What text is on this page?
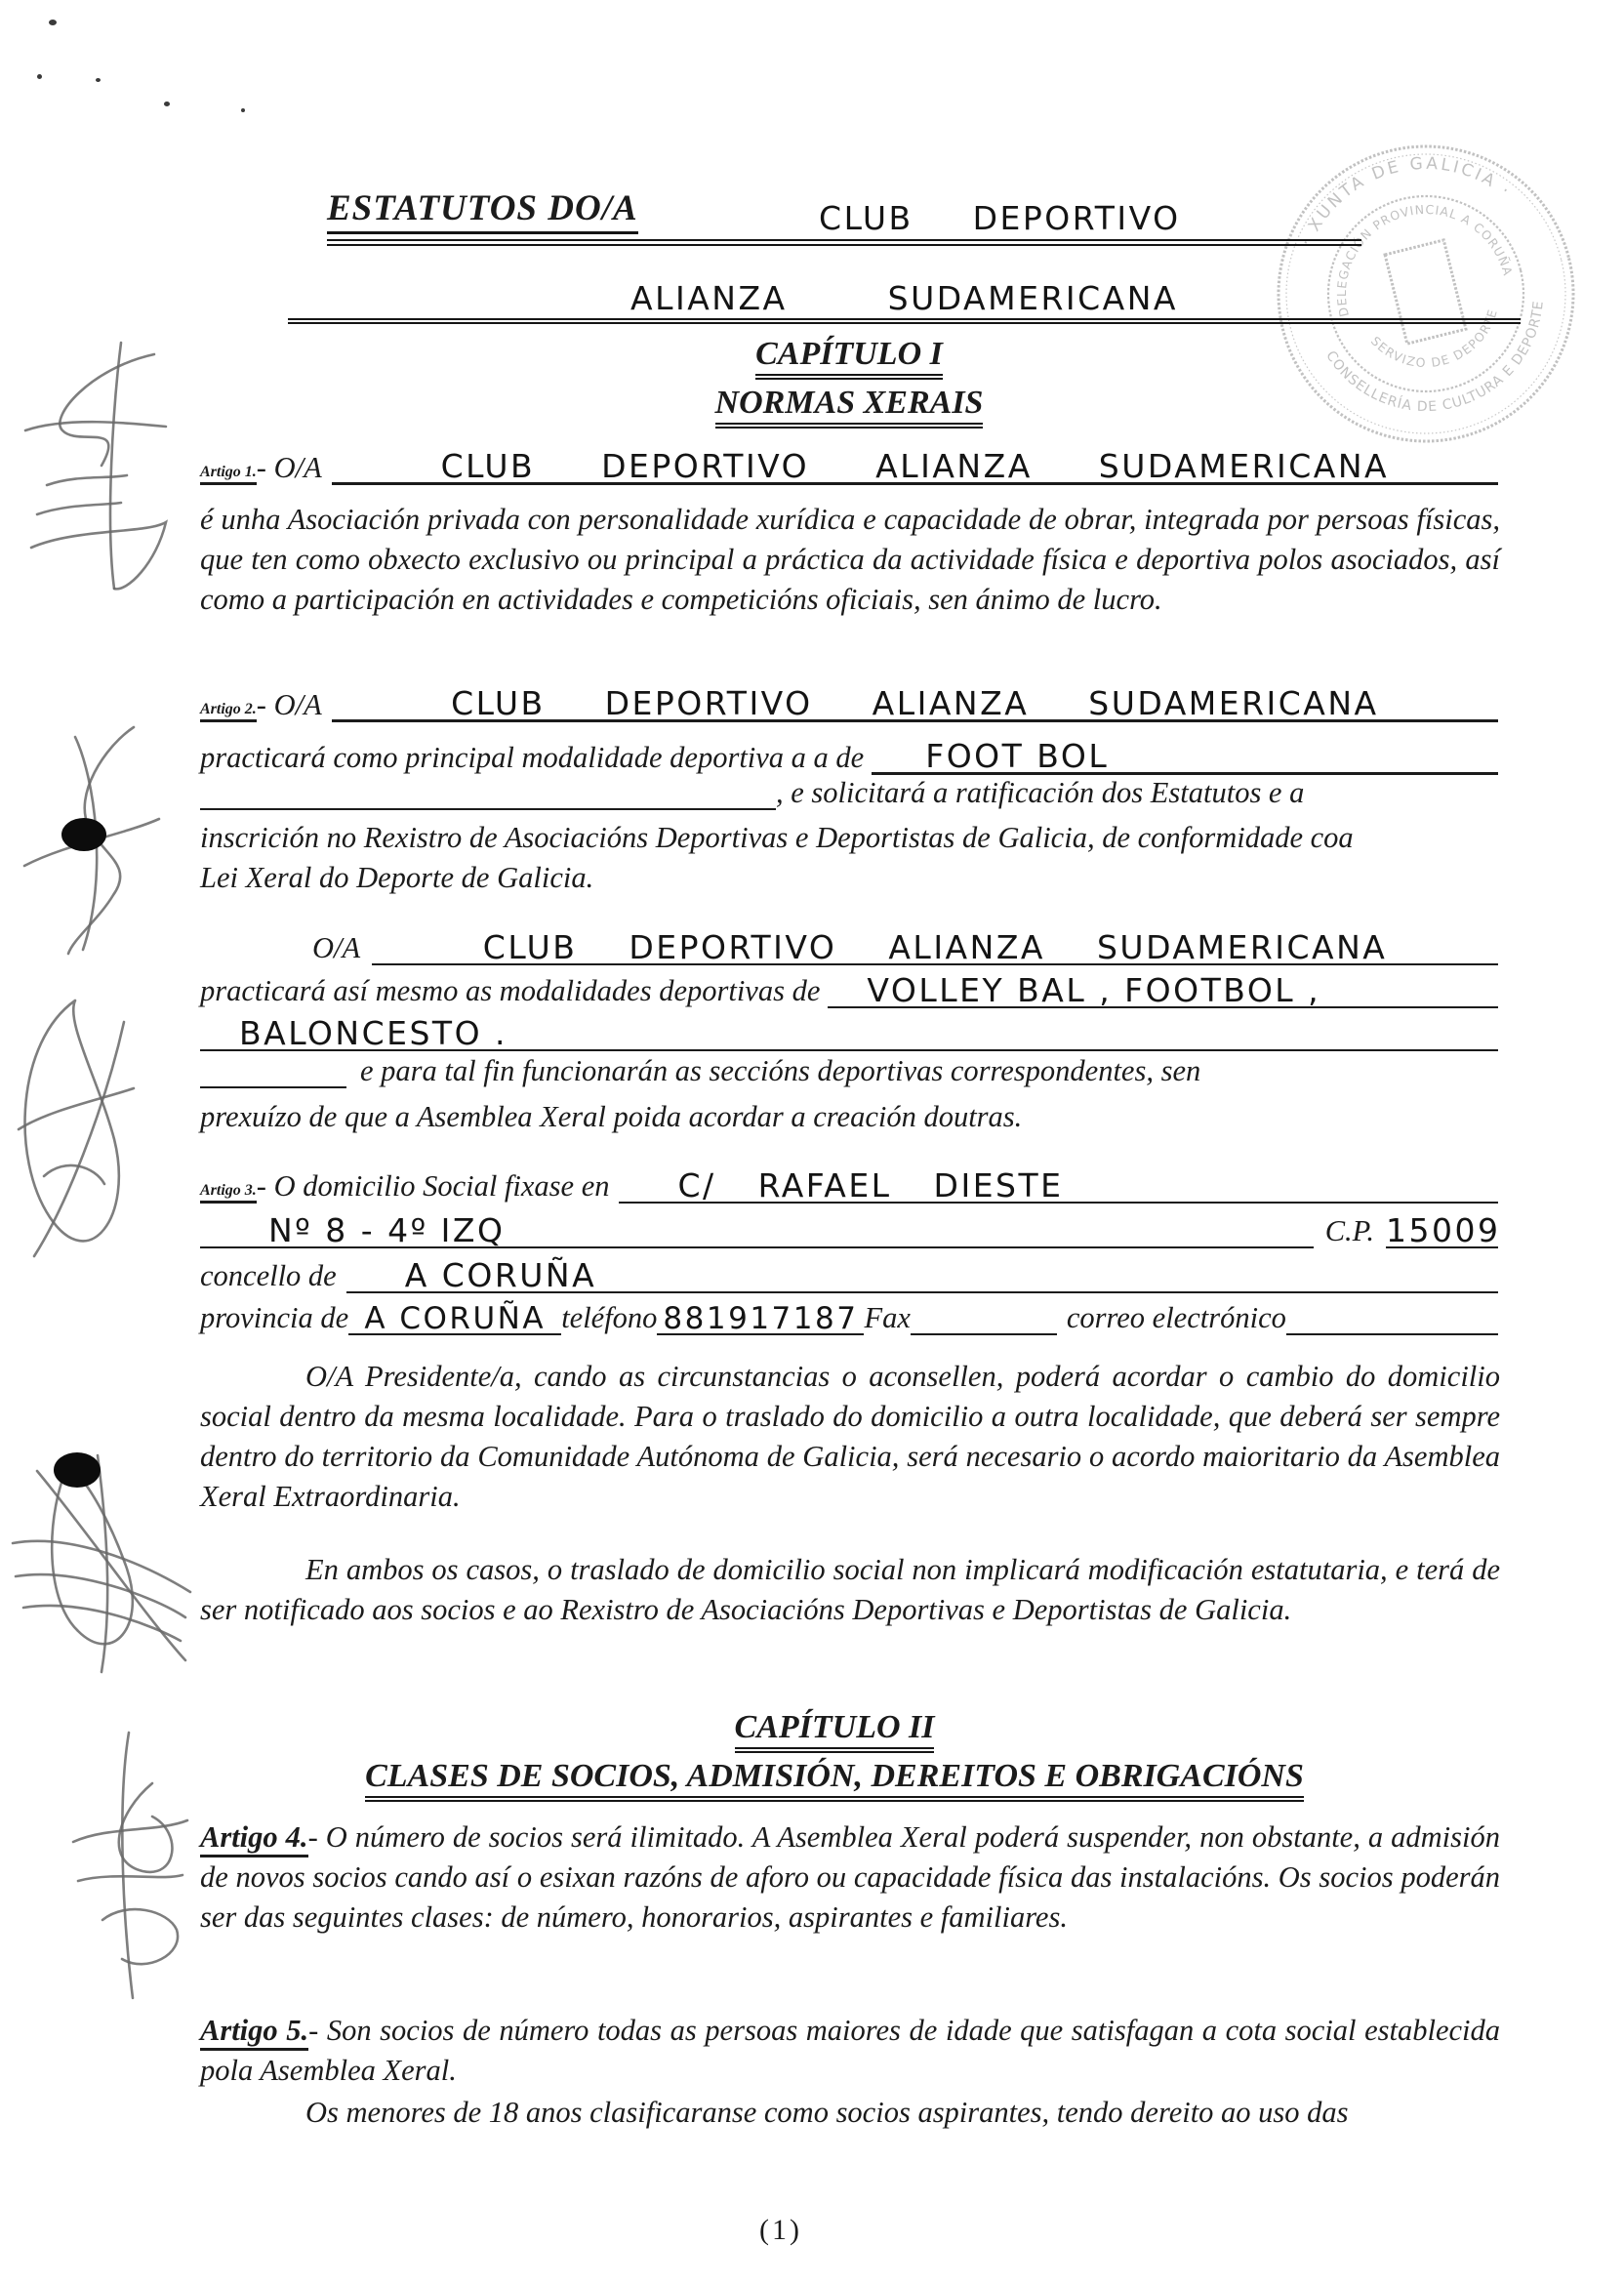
· XUNTA DE GALICIA ·
CONSELLERÍA DE CULTURA E DEPORTE
DELEGACIÓN PROVINCIAL A CORUÑA
SERVIZO DE DEPORTE
ESTATUTOS DO/A	CLUB DEPORTIVO
ALIANZA SUDAMERICANA
CAPÍTULO I
NORMAS XERAIS
Artigo 1. - O/A	CLUB DEPORTIVO ALIANZA SUDAMERICANA

é unha Asociación privada con personalidade xurídica e capacidade de obrar, integrada por persoas físicas, que ten como obxecto exclusivo ou principal a práctica da actividade física e deportiva polos asociados, así como a participación en actividades e competicións oficiais, sen ánimo de lucro.

Artigo 2. - O/A	CLUB DEPORTIVO ALIANZA SUDAMERICANA
practicará como principal modalidade deportiva a a de	FOOT BOL
, e solicitará a ratificación dos Estatutos e a

inscrición no Rexistro de Asociacións Deportivas e Deportistas de Galicia, de conformidade coa

Lei Xeral do Deporte de Galicia.

O/A	CLUB DEPORTIVO ALIANZA SUDAMERICANA
practicará así mesmo as modalidades deportivas de	VOLLEY BAL , FOOTBOL ,
BALONCESTO .
e para tal fin funcionarán as seccións deportivas correspondentes, sen

prexuízo de que a Asemblea Xeral poida acordar a creación doutras.

Artigo 3. - O domicilio Social fixase en	C/ RAFAEL DIESTE
Nº 8 - 4º IZQ	C.P. 15009
concello de	A CORUÑA
provincia de A CORUÑA teléfono 881917187 Fax	correo electrónico

O/A Presidente/a, cando as circunstancias o aconsellen, poderá acordar o cambio do domicilio social dentro da mesma localidade. Para o traslado do domicilio a outra localidade, que deberá ser sempre dentro do territorio da Comunidade Autónoma de Galicia, será necesario o acordo maioritario da Asemblea Xeral Extraordinaria.

En ambos os casos, o traslado de domicilio social non implicará modificación estatutaria, e terá de ser notificado aos socios e ao Rexistro de Asociacións Deportivas e Deportistas de Galicia.

CAPÍTULO II
CLASES DE SOCIOS, ADMISIÓN, DEREITOS E OBRIGACIÓNS

Artigo 4.- O número de socios será ilimitado. A Asemblea Xeral poderá suspender, non obstante, a admisión de novos socios cando así o esixan razóns de aforo ou capacidade física das instalacións. Os socios poderán ser das seguintes clases: de número, honorarios, aspirantes e familiares.

Artigo 5.- Son socios de número todas as persoas maiores de idade que satisfagan a cota social establecida pola Asemblea Xeral.

Os menores de 18 anos clasificaranse como socios aspirantes, tendo dereito ao uso das

(1)
